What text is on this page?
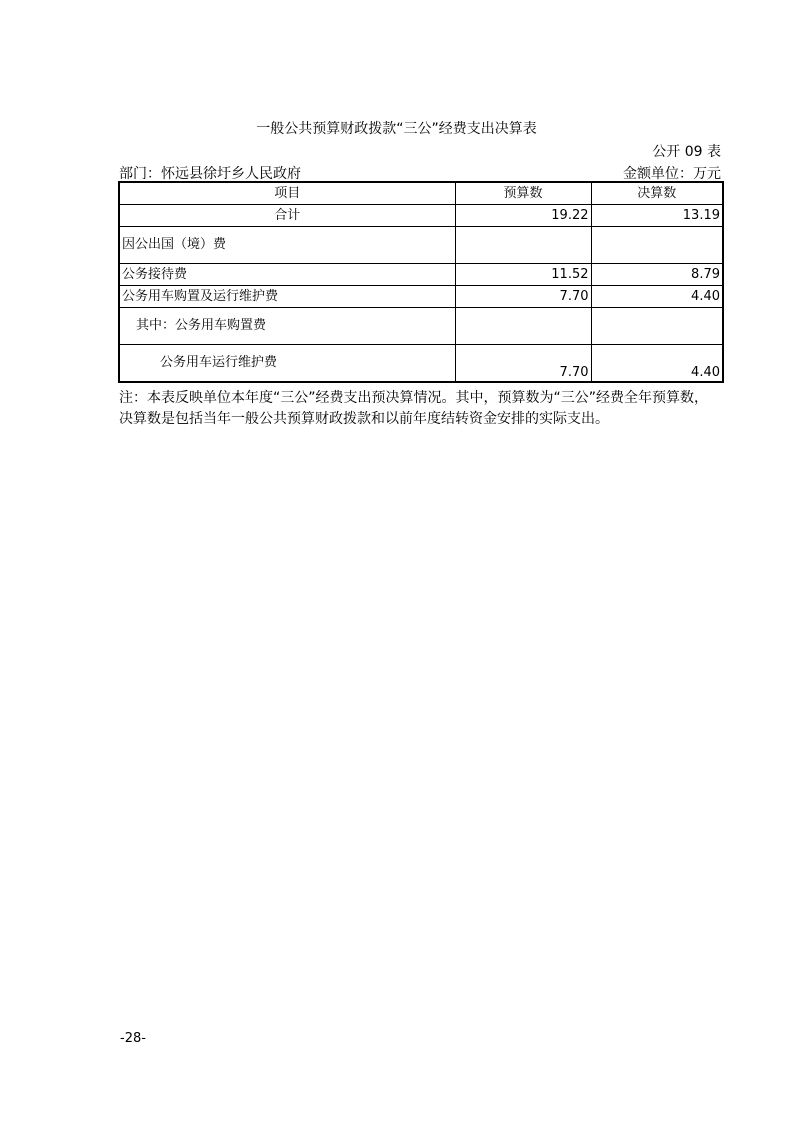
一般公共预算财政拨款“三公”经费支出决算表
公开 09 表
部门：怀远县徐圩乡人民政府	金额单位：万元
项目	预算数	决算数
合计	19.22	13.19
因公出国（境）费		
公务接待费	11.52	8.79
公务用车购置及运行维护费	7.70	4.40
其中：公务用车购置费		
公务用车运行维护费	7.70	4.40
注：本表反映单位本年度“三公”经费支出预决算情况。其中，预算数为“三公”经费全年预算数，决算数是包括当年一般公共预算财政拨款和以前年度结转资金安排的实际支出。
-28-
